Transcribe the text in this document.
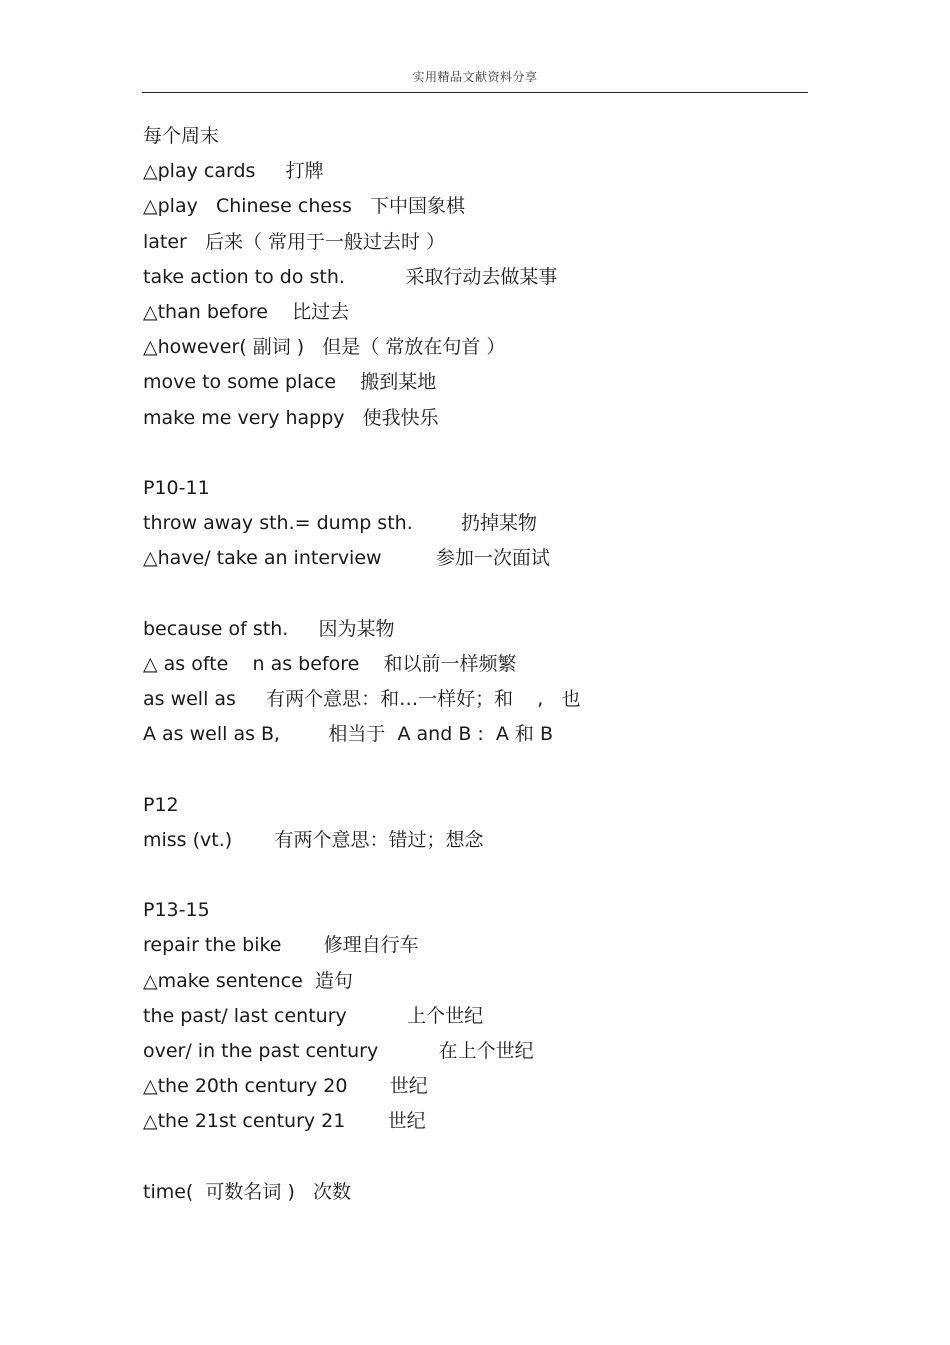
实用精品文献资料分享
每个周末
△play cards     打牌
△play   Chinese chess   下中国象棋
later   后来（ 常用于一般过去时 ）
take action to do sth.          采取行动去做某事
△than before    比过去
△however( 副词 )   但是（ 常放在句首 ）
move to some place    搬到某地
make me very happy   使我快乐
P10-11
throw away sth.= dump sth.        扔掉某物
△have/ take an interview         参加一次面试
because of sth.     因为某物
△ as ofte    n as before    和以前一样频繁
as well as     有两个意思：和…一样好；和    ,   也
A as well as B,        相当于  A and B :  A 和 B
P12
miss (vt.)       有两个意思：错过；想念
P13-15
repair the bike       修理自行车
△make sentence  造句
the past/ last century          上个世纪
over/ in the past century          在上个世纪
△the 20th century 20       世纪
△the 21st century 21       世纪
time(  可数名词 )   次数
